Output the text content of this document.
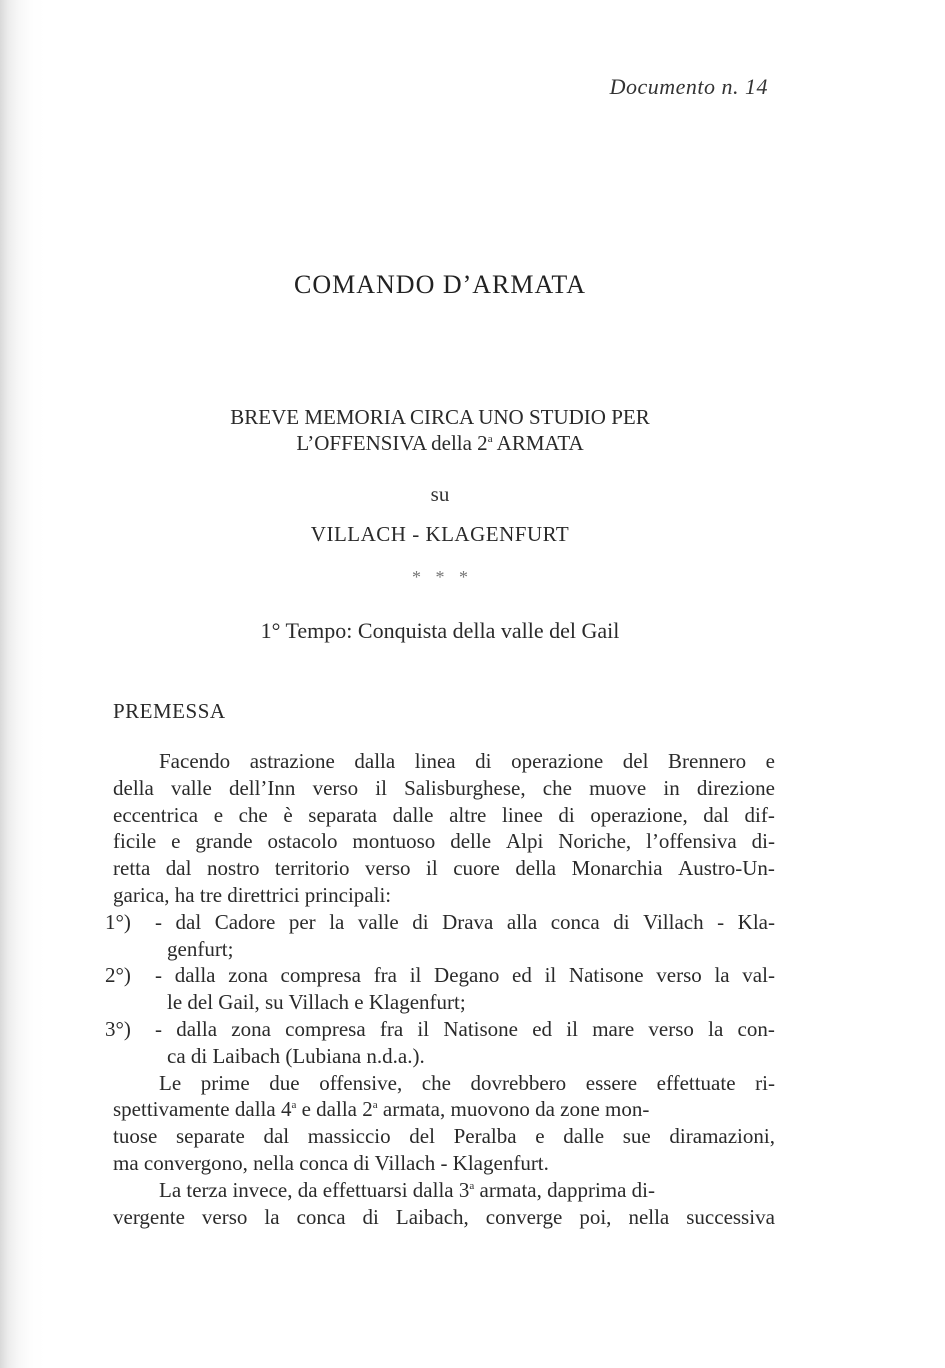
Documento n. 14
COMANDO D’ARMATA
BREVE MEMORIA CIRCA UNO STUDIO PER
L’OFFENSIVA della 2$^a$ ARMATA
su
VILLACH - KLAGENFURT
* * *
1° Tempo: Conquista della valle del Gail
PREMESSA
Facendo astrazione dalla linea di operazione del Brennero e
della valle dell’Inn verso il Salisburghese, che muove in direzione
eccentrica e che è separata dalle altre linee di operazione, dal dif-
ficile e grande ostacolo montuoso delle Alpi Noriche, l’offensiva di-
retta dal nostro territorio verso il cuore della Monarchia Austro-Un-
garica, ha tre direttrici principali:
1°)	- dal Cadore per la valle di Drava alla conca di Villach - Kla-
genfurt;
2°)	- dalla zona compresa fra il Degano ed il Natisone verso la val-
le del Gail, su Villach e Klagenfurt;
3°)	- dalla zona compresa fra il Natisone ed il mare verso la con-
ca di Laibach (Lubiana n.d.a.).
Le prime due offensive, che dovrebbero essere effettuate ri-
spettivamente dalla 4$^a$ e dalla 2$^a$ armata, muovono da zone mon-
tuose separate dal massiccio del Peralba e dalle sue diramazioni,
ma convergono, nella conca di Villach - Klagenfurt.
La terza invece, da effettuarsi dalla 3$^a$ armata, dapprima di-
vergente verso la conca di Laibach, converge poi, nella successiva
